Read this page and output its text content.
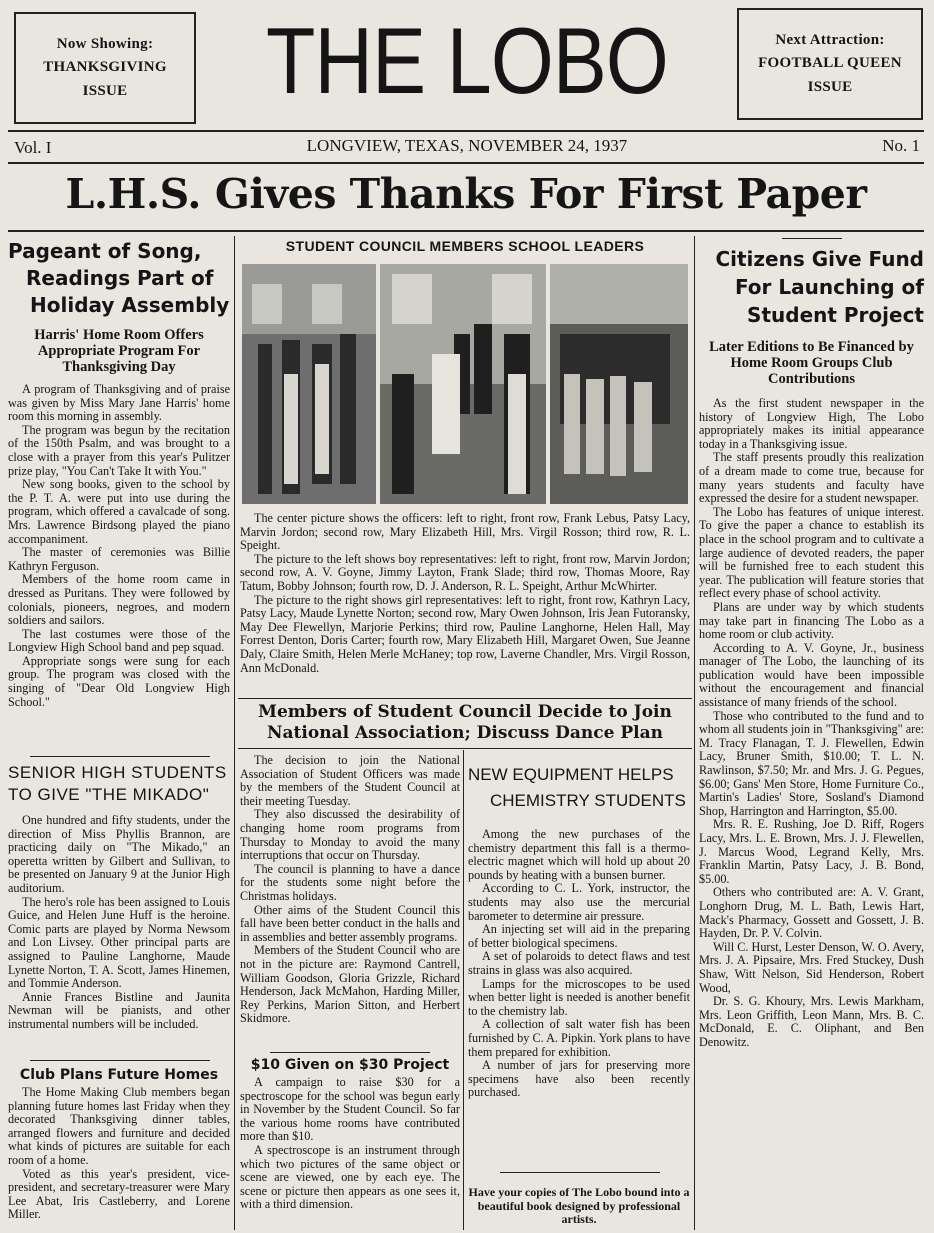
Now Showing:
THANKSGIVING
ISSUE	THE LOBO	Next Attraction:
FOOTBALL QUEEN
ISSUE
Vol. I	LONGVIEW, TEXAS, NOVEMBER 24, 1937	No. 1
L.H.S. Gives Thanks For First Paper
Pageant of Song,
Readings Part of
Holiday Assembly
Harris' Home Room Offers Appropriate Program For Thanksgiving Day

A program of Thanksgiving and of praise was given by Miss Mary Jane Harris' home room this morning in assembly.

The program was begun by the recitation of the 150th Psalm, and was brought to a close with a prayer from this year's Pulitzer prize play, "You Can't Take It with You."

New song books, given to the school by the P. T. A. were put into use during the program, which offered a cavalcade of song. Mrs. Lawrence Birdsong played the piano accompaniment.

The master of ceremonies was Billie Kathryn Ferguson.

Members of the home room came in dressed as Puritans. They were followed by colonials, pioneers, negroes, and modern soldiers and sailors.

The last costumes were those of the Longview High School band and pep squad.

Appropriate songs were sung for each group. The program was closed with the singing of "Dear Old Longview High School."

SENIOR HIGH STUDENTS
TO GIVE "THE MIKADO"

One hundred and fifty students, under the direction of Miss Phyllis Brannon, are practicing daily on "The Mikado," an operetta written by Gilbert and Sullivan, to be presented on January 9 at the Junior High auditorium.

The hero's role has been assigned to Louis Guice, and Helen June Huff is the heroine. Comic parts are played by Norma Newsom and Lon Livsey. Other principal parts are assigned to Pauline Langhorne, Maude Lynette Norton, T. A. Scott, James Hinemen, and Tommie Anderson.

Annie Frances Bistline and Jaunita Newman will be pianists, and other instrumental numbers will be included.

Club Plans Future Homes

The Home Making Club members began planning future homes last Friday when they decorated Thanksgiving dinner tables, arranged flowers and furniture and decided what kinds of pictures are suitable for each room of a home.

Voted as this year's president, vice-president, and secretary-treasurer were Mary Lee Abat, Iris Castleberry, and Lorene Miller.

STUDENT COUNCIL MEMBERS SCHOOL LEADERS

The center picture shows the officers: left to right, front row, Frank Lebus, Patsy Lacy, Marvin Jordon; second row, Mary Elizabeth Hill, Mrs. Virgil Rosson; third row, R. L. Speight.

The picture to the left shows boy representatives: left to right, front row, Marvin Jordon; second row, A. V. Goyne, Jimmy Layton, Frank Slade; third row, Thomas Moore, Ray Tatum, Bobby Johnson; fourth row, D. J. Anderson, R. L. Speight, Arthur McWhirter.

The picture to the right shows girl representatives: left to right, front row, Kathryn Lacy, Patsy Lacy, Maude Lynette Norton; second row, Mary Owen Johnson, Iris Jean Futoransky, May Dee Flewellyn, Marjorie Perkins; third row, Pauline Langhorne, Helen Hall, May Forrest Denton, Doris Carter; fourth row, Mary Elizabeth Hill, Margaret Owen, Sue Jeanne Daly, Claire Smith, Helen Merle McHaney; top row, Laverne Chandler, Mrs. Virgil Rosson, Ann McDonald.

Members of Student Council Decide to Join
National Association; Discuss Dance Plan

The decision to join the National Association of Student Officers was made by the members of the Student Council at their meeting Tuesday.

They also discussed the desirability of changing home room programs from Thursday to Monday to avoid the many interruptions that occur on Thursday.

The council is planning to have a dance for the students some night before the Christmas holidays.

Other aims of the Student Council this fall have been better conduct in the halls and in assemblies and better assembly programs.

Members of the Student Council who are not in the picture are: Raymond Cantrell, William Goodson, Gloria Grizzle, Richard Henderson, Jack McMahon, Harding Miller, Rey Perkins, Marion Sitton, and Herbert Skidmore.

$10 Given on $30 Project

A campaign to raise $30 for a spectroscope for the school was begun early in November by the Student Council. So far the various home rooms have contributed more than $10.

A spectroscope is an instrument through which two pictures of the same object or scene are viewed, one by each eye. The scene or picture then appears as one sees it, with a third dimension.

NEW EQUIPMENT HELPS
CHEMISTRY STUDENTS

Among the new purchases of the chemistry department this fall is a thermo-electric magnet which will hold up about 20 pounds by heating with a bunsen burner.

According to C. L. York, instructor, the students may also use the mercurial barometer to determine air pressure.

An injecting set will aid in the preparing of better biological specimens.

A set of polaroids to detect flaws and test strains in glass was also acquired.

Lamps for the microscopes to be used when better light is needed is another benefit to the chemistry lab.

A collection of salt water fish has been furnished by C. A. Pipkin. York plans to have them prepared for exhibition.

A number of jars for preserving more specimens have also been recently purchased.

Have your copies of The Lobo bound into a beautiful book designed by professional artists.
Citizens Give Fund
For Launching of
Student Project
Later Editions to Be Financed by Home Room Groups Club Contributions

As the first student newspaper in the history of Longview High, The Lobo appropriately makes its initial appearance today in a Thanksgiving issue.

The staff presents proudly this realization of a dream made to come true, because for many years students and faculty have expressed the desire for a student newspaper.

The Lobo has features of unique interest. To give the paper a chance to establish its place in the school program and to cultivate a large audience of devoted readers, the paper will be furnished free to each student this year. The publication will feature stories that reflect every phase of school activity.

Plans are under way by which students may take part in financing The Lobo as a home room or club activity.

According to A. V. Goyne, Jr., business manager of The Lobo, the launching of its publication would have been impossible without the encouragement and financial assistance of many friends of the school.

Those who contributed to the fund and to whom all students join in "Thanksgiving" are: M. Tracy Flanagan, T. J. Flewellen, Edwin Lacy, Bruner Smith, $10.00; T. L. N. Rawlinson, $7.50; Mr. and Mrs. J. G. Pegues, $6.00; Gans' Men Store, Home Furniture Co., Martin's Ladies' Store, Sosland's Diamond Shop, Harrington and Harrington, $5.00.

Mrs. R. E. Rushing, Joe D. Riff, Rogers Lacy, Mrs. L. E. Brown, Mrs. J. J. Flewellen, J. Marcus Wood, Legrand Kelly, Mrs. Franklin Martin, Patsy Lacy, J. B. Bond, $5.00.

Others who contributed are: A. V. Grant, Longhorn Drug, M. L. Bath, Lewis Hart, Mack's Pharmacy, Gossett and Gossett, J. B. Hayden, Dr. P. V. Colvin.

Will C. Hurst, Lester Denson, W. O. Avery, Mrs. J. A. Pipsaire, Mrs. Fred Stuckey, Dush Shaw, Witt Nelson, Sid Henderson, Robert Wood,

Dr. S. G. Khoury, Mrs. Lewis Markham, Mrs. Leon Griffith, Leon Mann, Mrs. B. C. McDonald, E. C. Oliphant, and Ben Denowitz.
